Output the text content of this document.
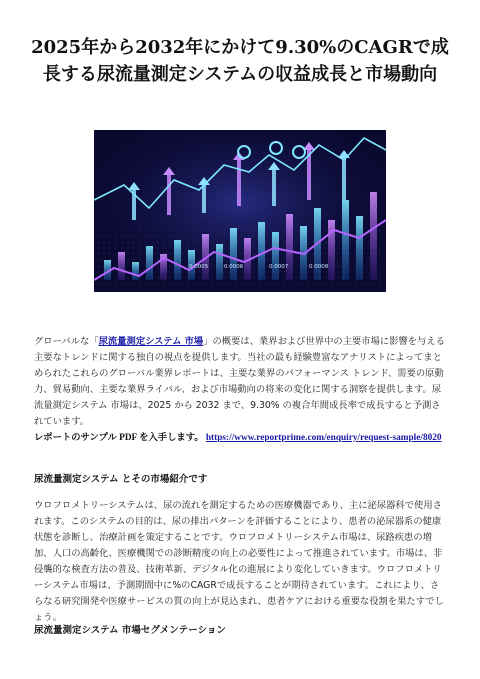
2025年から2032年にかけて9.30%のCAGRで成長する尿流量測定システムの収益成長と市場動向
0.0005	0.0006	0.0007	0.0008

グローバルな「尿流量測定システム 市場」の概要は、業界および世界中の主要市場に影響を与える主要なトレンドに関する独自の視点を提供します。当社の最も経験豊富なアナリストによってまとめられたこれらのグローバル業界レポートは、主要な業界のパフォーマンス トレンド、需要の原動力、貿易動向、主要な業界ライバル、および市場動向の将来の変化に関する洞察を提供します。尿流量測定システム 市場は、2025 から 2032 まで、9.30% の複合年間成長率で成長すると予測されています。

レポートのサンプル PDF を入手します。 https://www.reportprime.com/enquiry/request-sample/8020

尿流量測定システム とその市場紹介です

ウロフロメトリーシステムは、尿の流れを測定するための医療機器であり、主に泌尿器科で使用されます。このシステムの目的は、尿の排出パターンを評価することにより、患者の泌尿器系の健康状態を診断し、治療計画を策定することです。ウロフロメトリーシステム市場は、尿路疾患の増加、人口の高齢化、医療機関での診断精度の向上の必要性によって推進されています。市場は、非侵襲的な検査方法の普及、技術革新、デジタル化の進展により変化していきます。ウロフロメトリーシステム市場は、予測期間中に%のCAGRで成長することが期待されています。これにより、さらなる研究開発や医療サービスの質の向上が見込まれ、患者ケアにおける重要な役割を果たすでしょう。

尿流量測定システム 市場セグメンテーション
